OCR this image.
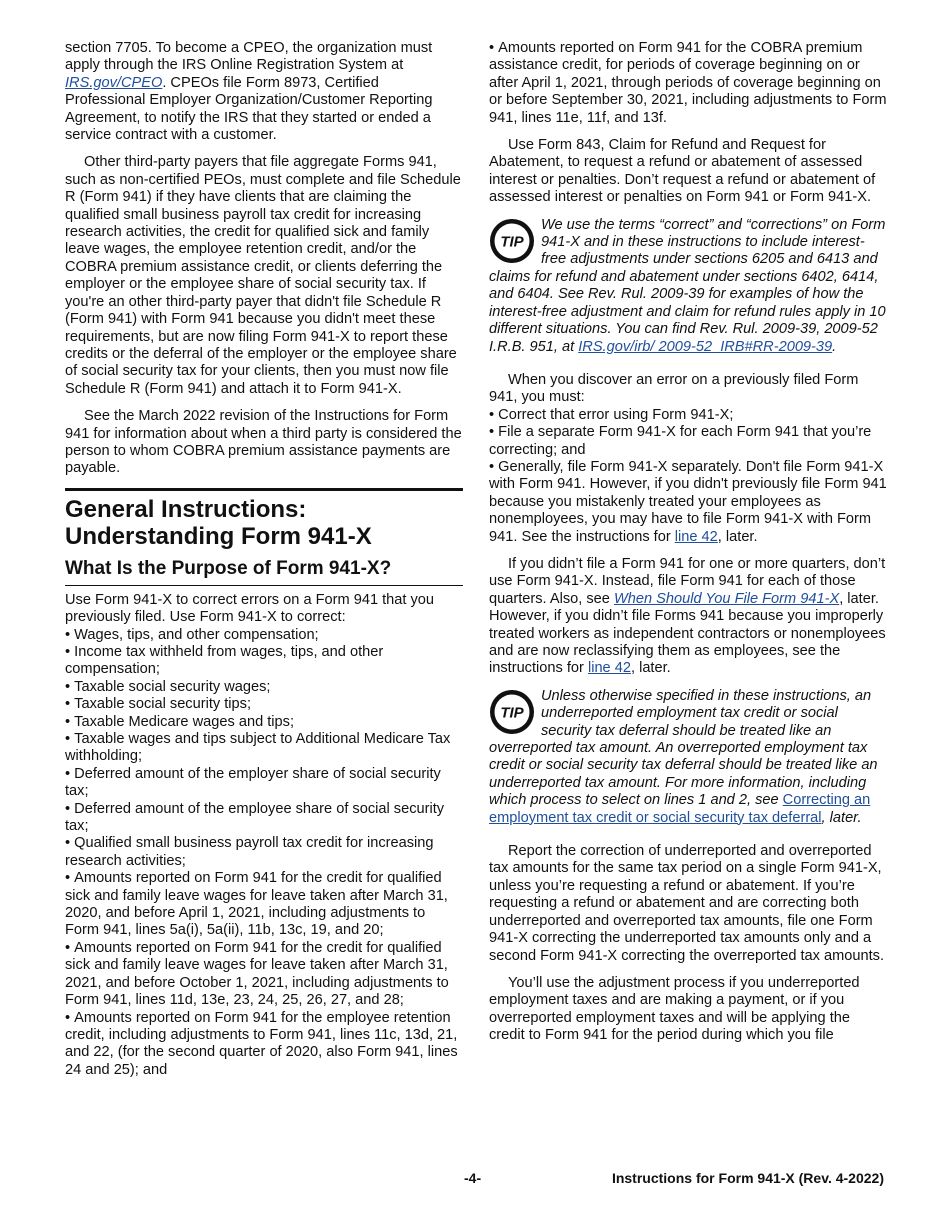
section 7705. To become a CPEO, the organization must apply through the IRS Online Registration System at IRS.gov/CPEO. CPEOs file Form 8973, Certified Professional Employer Organization/Customer Reporting Agreement, to notify the IRS that they started or ended a service contract with a customer.

Other third-party payers that file aggregate Forms 941, such as non-certified PEOs, must complete and file Schedule R (Form 941) if they have clients that are claiming the qualified small business payroll tax credit for increasing research activities, the credit for qualified sick and family leave wages, the employee retention credit, and/or the COBRA premium assistance credit, or clients deferring the employer or the employee share of social security tax. If you're an other third-party payer that didn't file Schedule R (Form 941) with Form 941 because you didn't meet these requirements, but are now filing Form 941-X to report these credits or the deferral of the employer or the employee share of social security tax for your clients, then you must now file Schedule R (Form 941) and attach it to Form 941-X.

See the March 2022 revision of the Instructions for Form 941 for information about when a third party is considered the person to whom COBRA premium assistance payments are payable.

General Instructions: Understanding Form 941-X
What Is the Purpose of Form 941-X?

Use Form 941-X to correct errors on a Form 941 that you previously filed. Use Form 941-X to correct:

• Wages, tips, and other compensation;

• Income tax withheld from wages, tips, and other compensation;

• Taxable social security wages;

• Taxable social security tips;

• Taxable Medicare wages and tips;

• Taxable wages and tips subject to Additional Medicare Tax withholding;

• Deferred amount of the employer share of social security tax;

• Deferred amount of the employee share of social security tax;

• Qualified small business payroll tax credit for increasing research activities;

• Amounts reported on Form 941 for the credit for qualified sick and family leave wages for leave taken after March 31, 2020, and before April 1, 2021, including adjustments to Form 941, lines 5a(i), 5a(ii), 11b, 13c, 19, and 20;

• Amounts reported on Form 941 for the credit for qualified sick and family leave wages for leave taken after March 31, 2021, and before October 1, 2021, including adjustments to Form 941, lines 11d, 13e, 23, 24, 25, 26, 27, and 28;

• Amounts reported on Form 941 for the employee retention credit, including adjustments to Form 941, lines 11c, 13d, 21, and 22, (for the second quarter of 2020, also Form 941, lines 24 and 25); and

• Amounts reported on Form 941 for the COBRA premium assistance credit, for periods of coverage beginning on or after April 1, 2021, through periods of coverage beginning on or before September 30, 2021, including adjustments to Form 941, lines 11e, 11f, and 13f.

Use Form 843, Claim for Refund and Request for Abatement, to request a refund or abatement of assessed interest or penalties. Don’t request a refund or abatement of assessed interest or penalties on Form 941 or Form 941-X.

TIP
We use the terms “correct” and “corrections” on Form 941-X and in these instructions to include interest-free adjustments under sections 6205 and 6413 and claims for refund and abatement under sections 6402, 6414, and 6404. See Rev. Rul. 2009-39 for examples of how the interest-free adjustment and claim for refund rules apply in 10 different situations. You can find Rev. Rul. 2009-39, 2009-52 I.R.B. 951, at IRS.gov/irb/ 2009-52_IRB#RR-2009-39.

When you discover an error on a previously filed Form 941, you must:

• Correct that error using Form 941-X;

• File a separate Form 941-X for each Form 941 that you’re correcting; and

• Generally, file Form 941-X separately. Don't file Form 941-X with Form 941. However, if you didn't previously file Form 941 because you mistakenly treated your employees as nonemployees, you may have to file Form 941-X with Form 941. See the instructions for line 42, later.

If you didn’t file a Form 941 for one or more quarters, don’t use Form 941-X. Instead, file Form 941 for each of those quarters. Also, see When Should You File Form 941-X, later. However, if you didn’t file Forms 941 because you improperly treated workers as independent contractors or nonemployees and are now reclassifying them as employees, see the instructions for line 42, later.

TIP
Unless otherwise specified in these instructions, an underreported employment tax credit or social security tax deferral should be treated like an overreported tax amount. An overreported employment tax credit or social security tax deferral should be treated like an underreported tax amount. For more information, including which process to select on lines 1 and 2, see Correcting an employment tax credit or social security tax deferral, later.

Report the correction of underreported and overreported tax amounts for the same tax period on a single Form 941-X, unless you’re requesting a refund or abatement. If you’re requesting a refund or abatement and are correcting both underreported and overreported tax amounts, file one Form 941-X correcting the underreported tax amounts only and a second Form 941-X correcting the overreported tax amounts.

You’ll use the adjustment process if you underreported employment taxes and are making a payment, or if you overreported employment taxes and will be applying the credit to Form 941 for the period during which you file

-4-	Instructions for Form 941-X (Rev. 4-2022)
